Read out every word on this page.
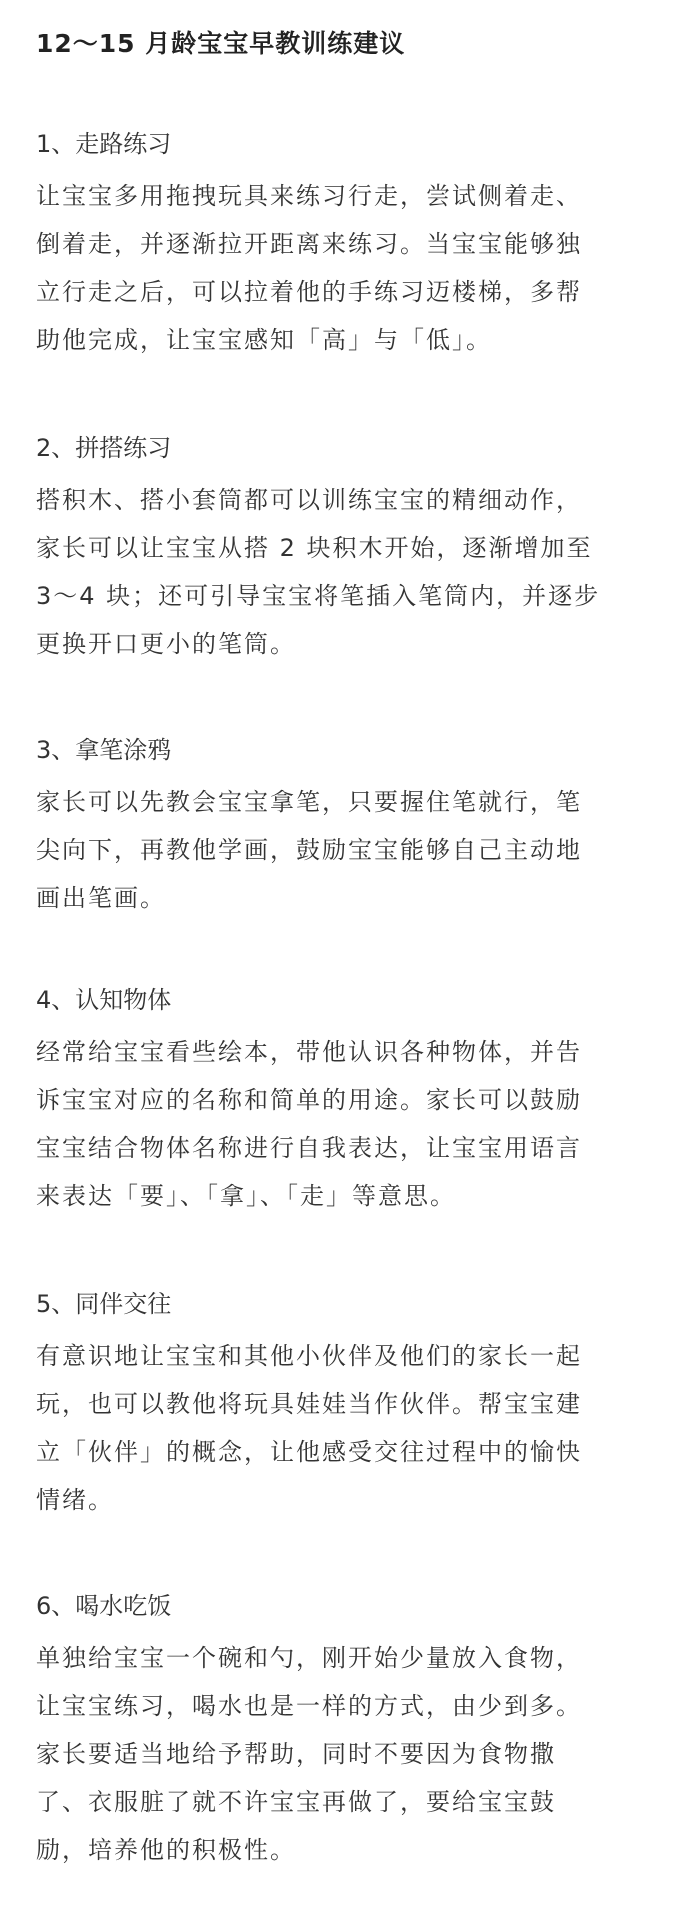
12～15 月龄宝宝早教训练建议
1、走路练习
让宝宝多用拖拽玩具来练习行走，尝试侧着走、
倒着走，并逐渐拉开距离来练习。当宝宝能够独
立行走之后，可以拉着他的手练习迈楼梯，多帮
助他完成，让宝宝感知「高」与「低」。
2、拼搭练习
搭积木、搭小套筒都可以训练宝宝的精细动作，
家长可以让宝宝从搭 2 块积木开始，逐渐增加至
3～4 块；还可引导宝宝将笔插入笔筒内，并逐步
更换开口更小的笔筒。
3、拿笔涂鸦
家长可以先教会宝宝拿笔，只要握住笔就行，笔
尖向下，再教他学画，鼓励宝宝能够自己主动地
画出笔画。
4、认知物体
经常给宝宝看些绘本，带他认识各种物体，并告
诉宝宝对应的名称和简单的用途。家长可以鼓励
宝宝结合物体名称进行自我表达，让宝宝用语言
来表达「要」、「拿」、「走」等意思。
5、同伴交往
有意识地让宝宝和其他小伙伴及他们的家长一起
玩，也可以教他将玩具娃娃当作伙伴。帮宝宝建
立「伙伴」的概念，让他感受交往过程中的愉快
情绪。
6、喝水吃饭
单独给宝宝一个碗和勺，刚开始少量放入食物，
让宝宝练习，喝水也是一样的方式，由少到多。
家长要适当地给予帮助，同时不要因为食物撒
了、衣服脏了就不许宝宝再做了，要给宝宝鼓
励，培养他的积极性。
